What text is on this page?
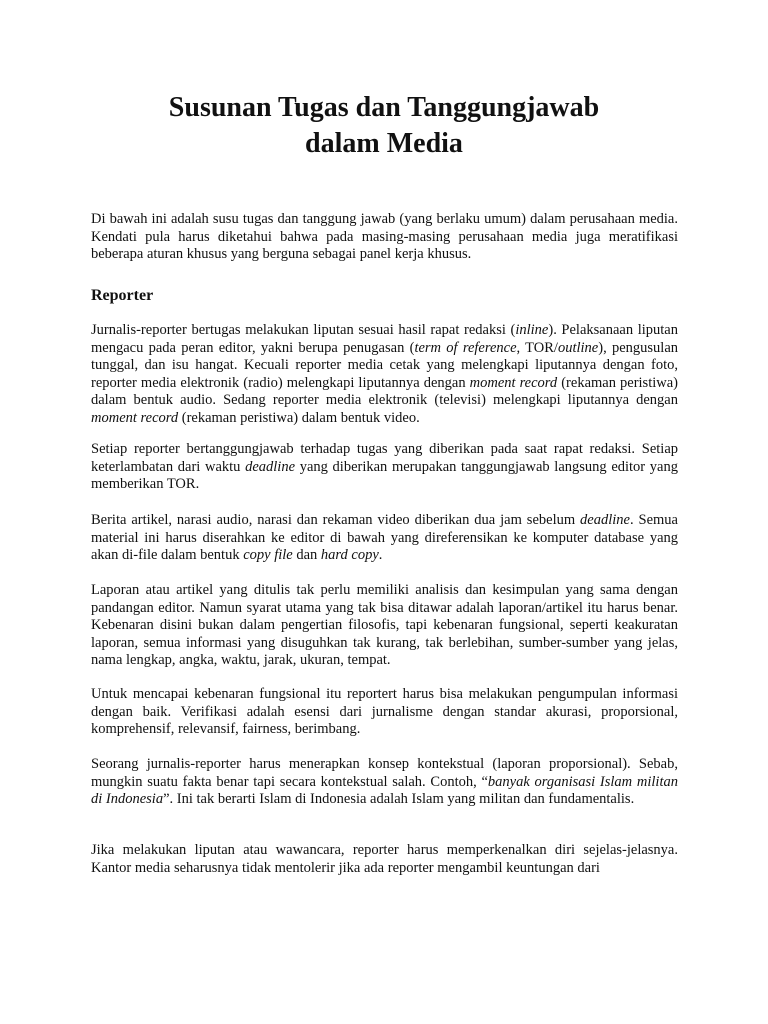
Susunan Tugas dan Tanggungjawab
dalam Media

Di bawah ini adalah susu tugas dan tanggung jawab (yang berlaku umum) dalam perusahaan media. Kendati pula harus diketahui bahwa pada masing-masing perusahaan media juga meratifikasi beberapa aturan khusus yang berguna sebagai panel kerja khusus.

Reporter

Jurnalis-reporter bertugas melakukan liputan sesuai hasil rapat redaksi (inline). Pelaksanaan liputan mengacu pada peran editor, yakni berupa penugasan (term of reference, TOR/outline), pengusulan tunggal, dan isu hangat. Kecuali reporter media cetak yang melengkapi liputannya dengan foto, reporter media elektronik (radio) melengkapi liputannya dengan moment record (rekaman peristiwa) dalam bentuk audio. Sedang reporter media elektronik (televisi) melengkapi liputannya dengan moment record (rekaman peristiwa) dalam bentuk video.

Setiap reporter bertanggungjawab terhadap tugas yang diberikan pada saat rapat redaksi. Setiap keterlambatan dari waktu deadline yang diberikan merupakan tanggungjawab langsung editor yang memberikan TOR.

Berita artikel, narasi audio, narasi dan rekaman video diberikan dua jam sebelum deadline. Semua material ini harus diserahkan ke editor di bawah yang direferensikan ke komputer database yang akan di-file dalam bentuk copy file dan hard copy.

Laporan atau artikel yang ditulis tak perlu memiliki analisis dan kesimpulan yang sama dengan pandangan editor. Namun syarat utama yang tak bisa ditawar adalah laporan/artikel itu harus benar. Kebenaran disini bukan dalam pengertian filosofis, tapi kebenaran fungsional, seperti keakuratan laporan, semua informasi yang disuguhkan tak kurang, tak berlebihan, sumber-sumber yang jelas, nama lengkap, angka, waktu, jarak, ukuran, tempat.

Untuk mencapai kebenaran fungsional itu reportert harus bisa melakukan pengumpulan informasi dengan baik. Verifikasi adalah esensi dari jurnalisme dengan standar akurasi, proporsional, komprehensif, relevansif, fairness, berimbang.

Seorang jurnalis-reporter harus menerapkan konsep kontekstual (laporan proporsional). Sebab, mungkin suatu fakta benar tapi secara kontekstual salah. Contoh, “banyak organisasi Islam militan di Indonesia”. Ini tak berarti Islam di Indonesia adalah Islam yang militan dan fundamentalis.

Jika melakukan liputan atau wawancara, reporter harus memperkenalkan diri sejelas-jelasnya. Kantor media seharusnya tidak mentolerir jika ada reporter mengambil keuntungan dari
